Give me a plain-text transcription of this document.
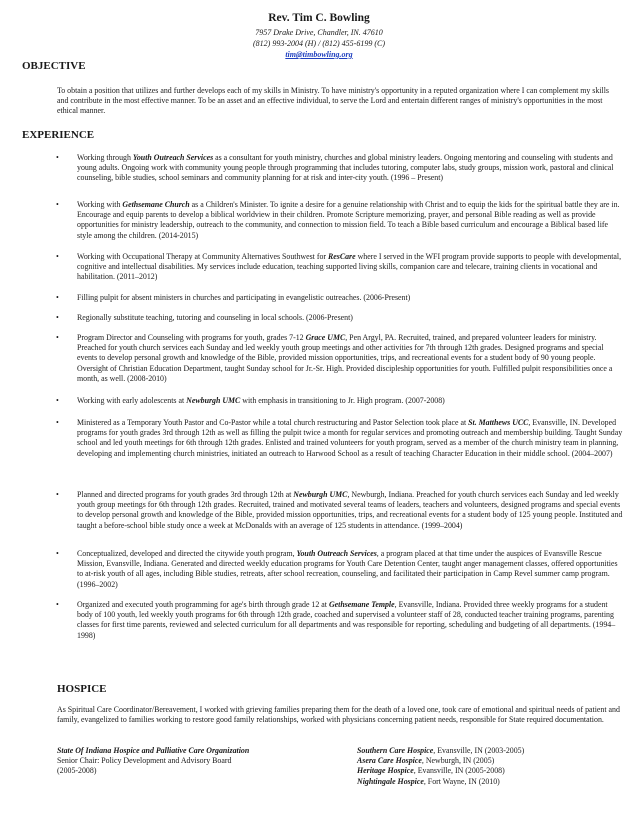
Rev. Tim C. Bowling
7957 Drake Drive, Chandler, IN. 47610
(812) 993-2004 (H) / (812) 455-6199 (C)
tim@timbowling.org
OBJECTIVE
To obtain a position that utilizes and further develops each of my skills in Ministry. To have ministry's opportunity in a reputed organization where I can complement my skills and contribute in the most effective manner. To be an asset and an effective individual, to serve the Lord and entertain different ranges of ministry's opportunities in the most ethical manner.
EXPERIENCE
• Working through Youth Outreach Services as a consultant for youth ministry, churches and global ministry leaders. Ongoing mentoring and counseling with students and young adults. Ongoing work with community young people through programming that includes tutoring, computer labs, study groups, mission work, pastoral and clinical counseling, bible studies, school seminars and community planning for at risk and inter-city youth. (1996 – Present)
• Working with Gethsemane Church as a Children's Minister. To ignite a desire for a genuine relationship with Christ and to equip the kids for the spiritual battle they are in. Encourage and equip parents to develop a biblical worldview in their children. Promote Scripture memorizing, prayer, and personal Bible reading as well as provide opportunities for ministry leadership, outreach to the community, and connection to mission field. To teach a Bible based curriculum and encourage a Biblical based life style among the children. (2014-2015)
• Working with Occupational Therapy at Community Alternatives Southwest for ResCare where I served in the WFI program provide supports to people with developmental, cognitive and intellectual disabilities. My services include education, teaching supported living skills, companion care and telecare, training clients in vocational and habilitation. (2011–2012)
• Filling pulpit for absent ministers in churches and participating in evangelistic outreaches. (2006-Present)
• Regionally substitute teaching, tutoring and counseling in local schools. (2006-Present)
• Program Director and Counseling with programs for youth, grades 7-12 Grace UMC, Pen Argyl, PA. Recruited, trained, and prepared volunteer leaders for ministry. Preached for youth church services each Sunday and led weekly youth group meetings and other activities for 7th through 12th grades. Designed programs and special events to develop personal growth and knowledge of the Bible, provided mission opportunities, trips, and recreational events for a student body of 90 young people. Oversight of Christian Education Department, taught Sunday school for Jr.-Sr. High. Provided discipleship opportunities for youth. Fulfilled pulpit responsibilities once a month, as well. (2008-2010)
• Working with early adolescents at Newburgh UMC with emphasis in transitioning to Jr. High program. (2007-2008)
• Ministered as a Temporary Youth Pastor and Co-Pastor while a total church restructuring and Pastor Selection took place at St. Matthews UCC, Evansville, IN. Developed programs for youth grades 3rd through 12th as well as filling the pulpit twice a month for regular services and promoting outreach and membership building. Taught Sunday school and led youth meetings for 6th through 12th grades. Enlisted and trained volunteers for youth program, served as a member of the church ministry team in planning, developing and implementing church ministries, initiated an outreach to Harwood School as a result of teaching Character Education in their middle school. (2004–2007)
• Planned and directed programs for youth grades 3rd through 12th at Newburgh UMC, Newburgh, Indiana. Preached for youth church services each Sunday and led weekly youth group meetings for 6th through 12th grades. Recruited, trained and motivated several teams of leaders, teachers and volunteers, designed programs and special events to develop personal growth and knowledge of the Bible, provided mission opportunities, trips, and recreational events for a student body of 125 young people. Instituted and taught a before-school bible study once a week at McDonalds with an average of 125 students in attendance. (1999–2004)
• Conceptualized, developed and directed the citywide youth program, Youth Outreach Services, a program placed at that time under the auspices of Evansville Rescue Mission, Evansville, Indiana. Generated and directed weekly education programs for Youth Care Detention Center, taught anger management classes, offered opportunities to at-risk youth of all ages, including Bible studies, retreats, after school recreation, counseling, and facilitated their participation in Camp Revel summer camp program. (1996–2002)
• Organized and executed youth programming for age's birth through grade 12 at Gethsemane Temple, Evansville, Indiana. Provided three weekly programs for a student body of 100 youth, led weekly youth programs for 6th through 12th grade, coached and supervised a volunteer staff of 28, conducted teacher training programs, parenting classes for first time parents, reviewed and selected curriculum for all departments and was responsible for reporting, scheduling and budgeting of all departments. (1994–1998)
HOSPICE
As Spiritual Care Coordinator/Bereavement, I worked with grieving families preparing them for the death of a loved one, took care of emotional and spiritual needs of patient and family, evangelized to families working to restore good family relationships, worked with physicians concerning patient needs, responsible for State required documentation.
State Of Indiana Hospice and Palliative Care Organization
Senior Chair: Policy Development and Advisory Board
(2005-2008)
Southern Care Hospice, Evansville, IN (2003-2005)
Asera Care Hospice, Newburgh, IN (2005)
Heritage Hospice, Evansville, IN (2005-2008)
Nightingale Hospice, Fort Wayne, IN (2010)
